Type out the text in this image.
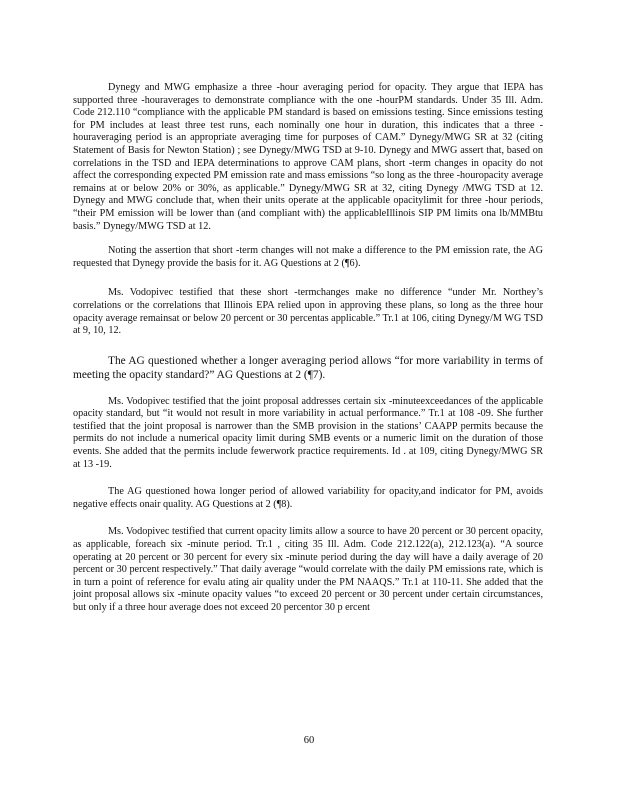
Dynegy and MWG emphasize a three -hour averaging period for opacity. They argue that IEPA has supported three -houraverages to demonstrate compliance with the one -hourPM standards. Under 35 Ill. Adm. Code 212.110 “compliance with the applicable PM standard is based on emissions testing. Since emissions testing for PM includes at least three test runs, each nominally one hour in duration, this indicates that a three -houraveraging period is an appropriate averaging time for purposes of CAM.” Dynegy/MWG SR at 32 (citing Statement of Basis for Newton Station) ; see Dynegy/MWG TSD at 9-10. Dynegy and MWG assert that, based on correlations in the TSD and IEPA determinations to approve CAM plans, short -term changes in opacity do not affect the corresponding expected PM emission rate and mass emissions “so long as the three -houropacity average remains at or below 20% or 30%, as applicable.” Dynegy/MWG SR at 32, citing Dynegy /MWG TSD at 12. Dynegy and MWG conclude that, when their units operate at the applicable opacitylimit for three -hour periods, “their PM emission will be lower than (and compliant with) the applicableIllinois SIP PM limits ona lb/MMBtu basis.” Dynegy/MWG TSD at 12.

Noting the assertion that short -term changes will not make a difference to the PM emission rate, the AG requested that Dynegy provide the basis for it. AG Questions at 2 (¶6).

Ms. Vodopivec testified that these short -termchanges make no difference “under Mr. Northey’s correlations or the correlations that Illinois EPA relied upon in approving these plans, so long as the three hour opacity average remainsat or below 20 percent or 30 percentas applicable.” Tr.1 at 106, citing Dynegy/M WG TSD at 9, 10, 12.

The AG questioned whether a longer averaging period allows “for more variability in terms of meeting the opacity standard?” AG Questions at 2 (¶7).

Ms. Vodopivec testified that the joint proposal addresses certain six -minuteexceedances of the applicable opacity standard, but “it would not result in more variability in actual performance.” Tr.1 at 108 -09. She further testified that the joint proposal is narrower than the SMB provision in the stations’ CAAPP permits because the permits do not include a numerical opacity limit during SMB events or a numeric limit on the duration of those events. She added that the permits include fewerwork practice requirements. Id . at 109, citing Dynegy/MWG SR at 13 -19.

The AG questioned howa longer period of allowed variability for opacity,and indicator for PM, avoids negative effects onair quality. AG Questions at 2 (¶8).

Ms. Vodopivec testified that current opacity limits allow a source to have 20 percent or 30 percent opacity, as applicable, foreach six -minute period. Tr.1 , citing 35 Ill. Adm. Code 212.122(a), 212.123(a). “A source operating at 20 percent or 30 percent for every six -minute period during the day will have a daily average of 20 percent or 30 percent respectively.” That daily average “would correlate with the daily PM emissions rate, which is in turn a point of reference for evalu ating air quality under the PM NAAQS.” Tr.1 at 110-11. She added that the joint proposal allows six -minute opacity values “to exceed 20 percent or 30 percent under certain circumstances, but only if a three hour average does not exceed 20 percentor 30 p ercent

60
